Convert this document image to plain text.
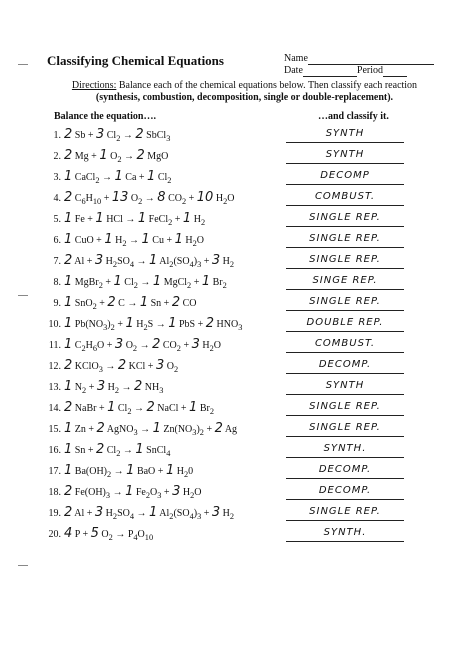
Classifying Chemical Equations	Name
Date	Period
Directions: Balance each of the chemical equations below. Then classify each reaction
(synthesis, combustion, decomposition, single or double-replacement).
Balance the equation….	…and classify it.
1. 2 Sb + 3 $Cl_2 \to 2$ SbCl$_3$	SYNTH
2. 2 Mg + 1 $O_2 \to 2$ MgO	SYNTH
3. 1 CaCl$_2$ → 1 Ca + 1 $Cl_2$	DECOMP
4. 2 $C_6H_{10} + 13$ $O_2 \to 8$ $CO_2 + 10$ $H_2O$	COMBUST.
5. 1 Fe + 1 HCl → 1 FeCl$_2$ + 1 $H_2$	SINGLE REP.
6. 1 CuO + 1 $H_2 \to 1$ Cu + 1 $H_2O$	SINGLE REP.
7. 2 Al + 3 $H_2SO_4 \to 1$ $Al_2(SO_4)_3 + 3$ $H_2$	SINGLE REP.
8. 1 MgBr$_2$ + 1 $Cl_2 \to 1$ MgCl$_2$ + 1 $Br_2$	SINGE REP.
9. 1 SnO$_2$ + 2 C → 1 Sn + 2 CO	SINGLE REP.
10. 1 $Pb(NO_3)_2 + 1$ $H_2S \to 1$ PbS + 2 $HNO_3$	DOUBLE REP.
11. 1 $C_2H_6O + 3$ $O_2 \to 2$ $CO_2 + 3$ $H_2O$	COMBUST.
12. 2 KClO$_3$ → 2 KCl + 3 $O_2$	DECOMP.
13. 1 $N_2 + 3$ $H_2 \to 2$ $NH_3$	SYNTH
14. 2 NaBr + 1 $Cl_2 \to 2$ NaCl + 1 $Br_2$	SINGLE REP.
15. 1 Zn + 2 AgNO$_3$ → 1 $Zn(NO_3)_2 + 2$ Ag	SINGLE REP.
16. 1 Sn + 2 $Cl_2 \to 1$ SnCl$_4$	SYNTH.
17. 1 $Ba(OH)_2 \to 1$ BaO + 1 $H_20$	DECOMP.
18. 2 $Fe(OH)_3 \to 1$ $Fe_2O_3 + 3$ $H_2O$	DECOMP.
19. 2 Al + 3 $H_2SO_4 \to 1$ $Al_2(SO_4)_3 + 3$ $H_2$	SINGLE REP.
20. 4 P + 5 $O_2 \to P_4O_{10}$	SYNTH.
